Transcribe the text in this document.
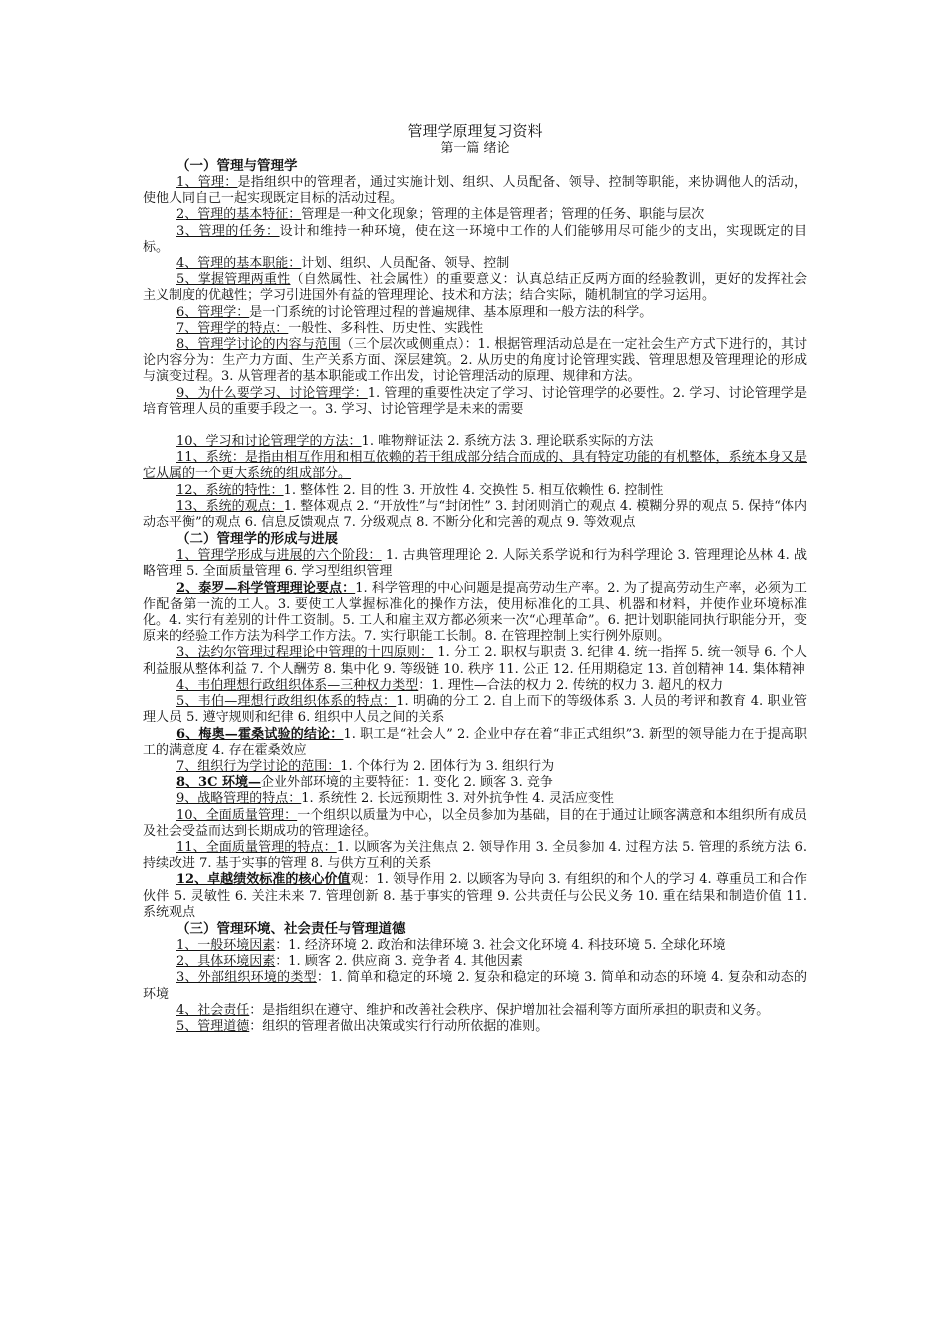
管理学原理复习资料

第一篇 绪论

（一）管理与管理学

1、管理：是指组织中的管理者，通过实施计划、组织、人员配备、领导、控制等职能，来协调他人的活动，使他人同自己一起实现既定目标的活动过程。

2、管理的基本特征：管理是一种文化现象；管理的主体是管理者；管理的任务、职能与层次

3、管理的任务：设计和维持一种环境，使在这一环境中工作的人们能够用尽可能少的支出，实现既定的目标。

4、管理的基本职能：计划、组织、人员配备、领导、控制

5、掌握管理两重性（自然属性、社会属性）的重要意义：认真总结正反两方面的经验教训，更好的发挥社会主义制度的优越性；学习引进国外有益的管理理论、技术和方法；结合实际，随机制宜的学习运用。

6、管理学：是一门系统的讨论管理过程的普遍规律、基本原理和一般方法的科学。

7、管理学的特点：一般性、多科性、历史性、实践性

8、管理学讨论的内容与范围（三个层次或侧重点）：1. 根据管理活动总是在一定社会生产方式下进行的，其讨论内容分为：生产力方面、生产关系方面、深层建筑。2. 从历史的角度讨论管理实践、管理思想及管理理论的形成与演变过程。3. 从管理者的基本职能或工作出发，讨论管理活动的原理、规律和方法。

9、为什么要学习、讨论管理学：1. 管理的重要性决定了学习、讨论管理学的必要性。2. 学习、讨论管理学是培育管理人员的重要手段之一。3. 学习、讨论管理学是未来的需要

10、学习和讨论管理学的方法：1. 唯物辩证法 2. 系统方法 3. 理论联系实际的方法

11、系统：是指由相互作用和相互依赖的若干组成部分结合而成的、具有特定功能的有机整体，系统本身又是它从属的一个更大系统的组成部分。

12、系统的特性：1. 整体性 2. 目的性 3. 开放性 4. 交换性 5. 相互依赖性 6. 控制性

13、系统的观点：1. 整体观点 2. “开放性”与“封闭性” 3. 封闭则消亡的观点 4. 模糊分界的观点 5. 保持“体内动态平衡”的观点 6. 信息反馈观点 7. 分级观点 8. 不断分化和完善的观点 9. 等效观点

（二）管理学的形成与进展

1、管理学形成与进展的六个阶段： 1. 古典管理理论 2. 人际关系学说和行为科学理论 3. 管理理论丛林 4. 战略管理 5. 全面质量管理 6. 学习型组织管理

2、泰罗—科学管理理论要点：1. 科学管理的中心问题是提高劳动生产率。2. 为了提高劳动生产率，必须为工作配备第一流的工人。3. 要使工人掌握标准化的操作方法，使用标准化的工具、机器和材料，并使作业环境标准化。4. 实行有差别的计件工资制。5. 工人和雇主双方都必须来一次“心理革命”。6. 把计划职能同执行职能分开，变原来的经验工作方法为科学工作方法。7. 实行职能工长制。8. 在管理控制上实行例外原则。

3、法约尔管理过程理论中管理的十四原则： 1. 分工 2. 职权与职责 3. 纪律 4. 统一指挥 5. 统一领导 6. 个人利益服从整体利益 7. 个人酬劳 8. 集中化 9. 等级链 10. 秩序 11. 公正 12. 任用期稳定 13. 首创精神 14. 集体精神

4、韦伯理想行政组织体系—三种权力类型：1. 理性—合法的权力 2. 传统的权力 3. 超凡的权力

5、韦伯—理想行政组织体系的特点：1. 明确的分工 2. 自上而下的等级体系 3. 人员的考评和教育 4. 职业管理人员 5. 遵守规则和纪律 6. 组织中人员之间的关系

6、梅奥—霍桑试验的结论：1. 职工是“社会人” 2. 企业中存在着“非正式组织”3. 新型的领导能力在于提高职工的满意度 4. 存在霍桑效应

7、组织行为学讨论的范围：1. 个体行为 2. 团体行为 3. 组织行为

8、3C 环境—企业外部环境的主要特征：1. 变化 2. 顾客 3. 竞争

9、战略管理的特点：1. 系统性 2. 长远预期性 3. 对外抗争性 4. 灵活应变性

10、全面质量管理：一个组织以质量为中心，以全员参加为基础，目的在于通过让顾客满意和本组织所有成员及社会受益而达到长期成功的管理途径。

11、全面质量管理的特点：1. 以顾客为关注焦点 2. 领导作用 3. 全员参加 4. 过程方法 5. 管理的系统方法 6. 持续改进 7. 基于实事的管理 8. 与供方互利的关系

12、卓越绩效标准的核心价值观：1. 领导作用 2. 以顾客为导向 3. 有组织的和个人的学习 4. 尊重员工和合作伙伴 5. 灵敏性 6. 关注未来 7. 管理创新 8. 基于事实的管理 9. 公共责任与公民义务 10. 重在结果和制造价值 11. 系统观点

（三）管理环境、社会责任与管理道德

1、一般环境因素：1. 经济环境 2. 政治和法律环境 3. 社会文化环境 4. 科技环境 5. 全球化环境

2、具体环境因素：1. 顾客 2. 供应商 3. 竞争者 4. 其他因素

3、外部组织环境的类型：1. 简单和稳定的环境 2. 复杂和稳定的环境 3. 简单和动态的环境 4. 复杂和动态的环境

4、社会责任：是指组织在遵守、维护和改善社会秩序、保护增加社会福利等方面所承担的职责和义务。

5、管理道德：组织的管理者做出决策或实行行动所依据的准则。
